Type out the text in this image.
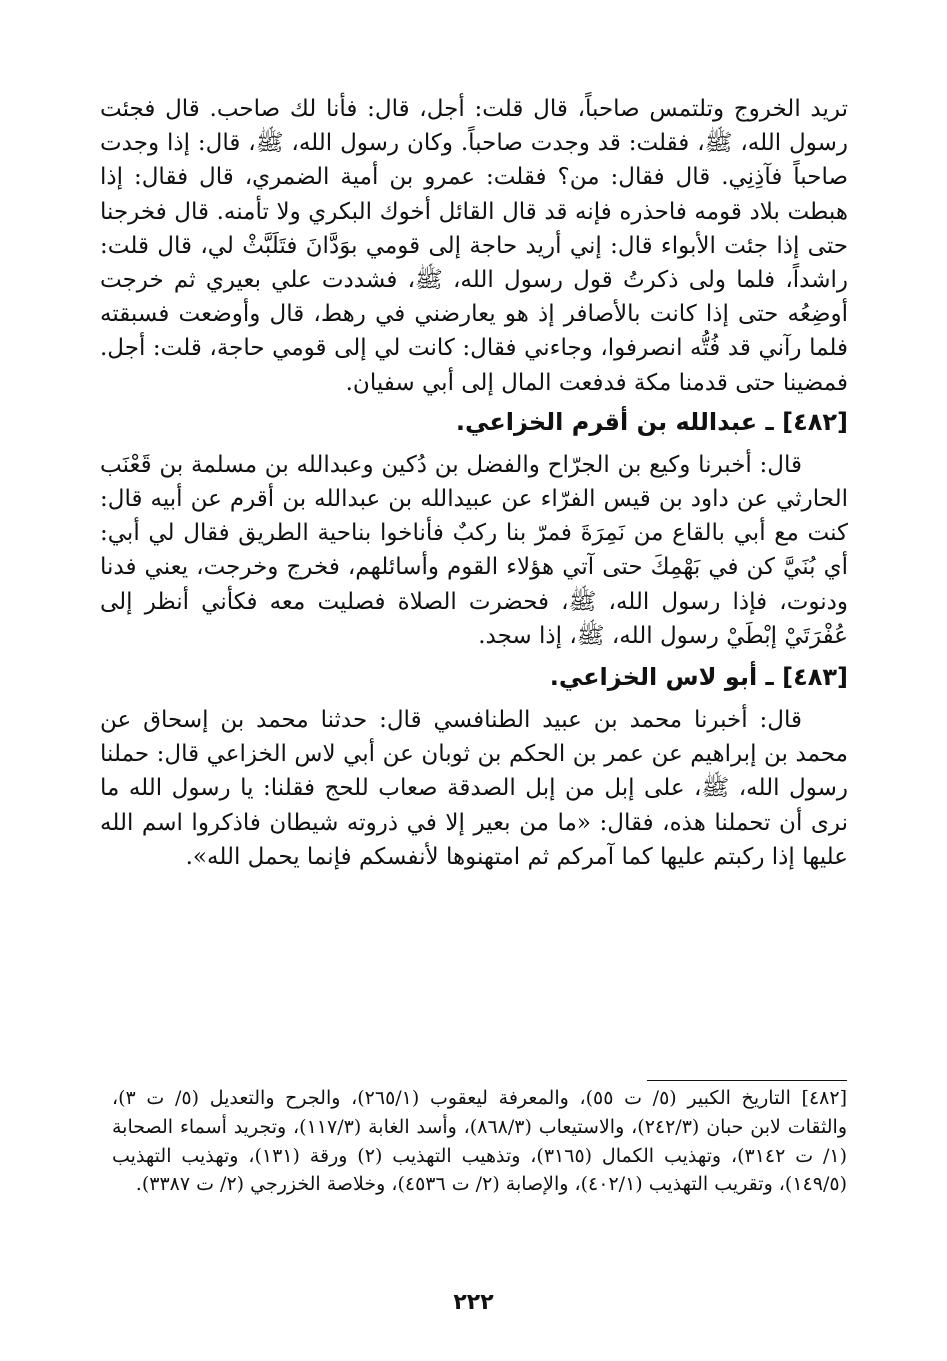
تريد الخروج وتلتمس صاحباً، قال قلت: أجل، قال: فأنا لك صاحب. قال فجئت رسول الله، ﷺ، فقلت: قد وجدت صاحباً. وكان رسول الله، ﷺ، قال: إذا وجدت صاحباً فآذِنِي. قال فقال: من؟ فقلت: عمرو بن أمية الضمري، قال فقال: إذا هبطت بلاد قومه فاحذره فإنه قد قال القائل أخوك البكري ولا تأمنه. قال فخرجنا حتى إذا جئت الأبواء قال: إني أريد حاجة إلى قومي بوَدَّانَ فتَلَبَّثْ لي، قال قلت: راشداً، فلما ولى ذكرتُ قول رسول الله، ﷺ، فشددت علي بعيري ثم خرجت أوضِعُه حتى إذا كانت بالأصافر إذ هو يعارضني في رهط، قال وأوضعت فسبقته فلما رآني قد فُتُّه انصرفوا، وجاءني فقال: كانت لي إلى قومي حاجة، قلت: أجل. فمضينا حتى قدمنا مكة فدفعت المال إلى أبي سفيان.

[٤٨٢] ـ عبدالله بن أقرم الخزاعي.

قال: أخبرنا وكيع بن الجرّاح والفضل بن دُكين وعبدالله بن مسلمة بن قَعْنَب الحارثي عن داود بن قيس الفرّاء عن عبيدالله بن عبدالله بن أقرم عن أبيه قال: كنت مع أبي بالقاع من نَمِرَةَ فمرّ بنا ركبٌ فأناخوا بناحية الطريق فقال لي أبي: أي بُنَيَّ كن في بَهْمِكَ حتى آتي هؤلاء القوم وأسائلهم، فخرج وخرجت، يعني فدنا ودنوت، فإذا رسول الله، ﷺ، فحضرت الصلاة فصليت معه فكأني أنظر إلى عُفْرَتَيْ إبْطَيْ رسول الله، ﷺ، إذا سجد.

[٤٨٣] ـ أبو لاس الخزاعي.

قال: أخبرنا محمد بن عبيد الطنافسي قال: حدثنا محمد بن إسحاق عن محمد بن إبراهيم عن عمر بن الحكم بن ثوبان عن أبي لاس الخزاعي قال: حملنا رسول الله، ﷺ، على إبل من إبل الصدقة صعاب للحج فقلنا: يا رسول الله ما نرى أن تحملنا هذه، فقال: «ما من بعير إلا في ذروته شيطان فاذكروا اسم الله عليها إذا ركبتم عليها كما آمركم ثم امتهنوها لأنفسكم فإنما يحمل الله».

[٤٨٢] التاريخ الكبير (٥/ ت ٥٥)، والمعرفة ليعقوب (٢٦٥/١)، والجرح والتعديل (٥/ ت ٣)، والثقات لابن حبان (٢٤٢/٣)، والاستيعاب (٨٦٨/٣)، وأسد الغابة (١١٧/٣)، وتجريد أسماء الصحابة (١/ ت ٣١٤٢)، وتهذيب الكمال (٣١٦٥)، وتذهيب التهذيب (٢) ورقة (١٣١)، وتهذيب التهذيب (١٤٩/٥)، وتقريب التهذيب (٤٠٢/١)، والإصابة (٢/ ت ٤٥٣٦)، وخلاصة الخزرجي (٢/ ت ٣٣٨٧).

٢٢٢
